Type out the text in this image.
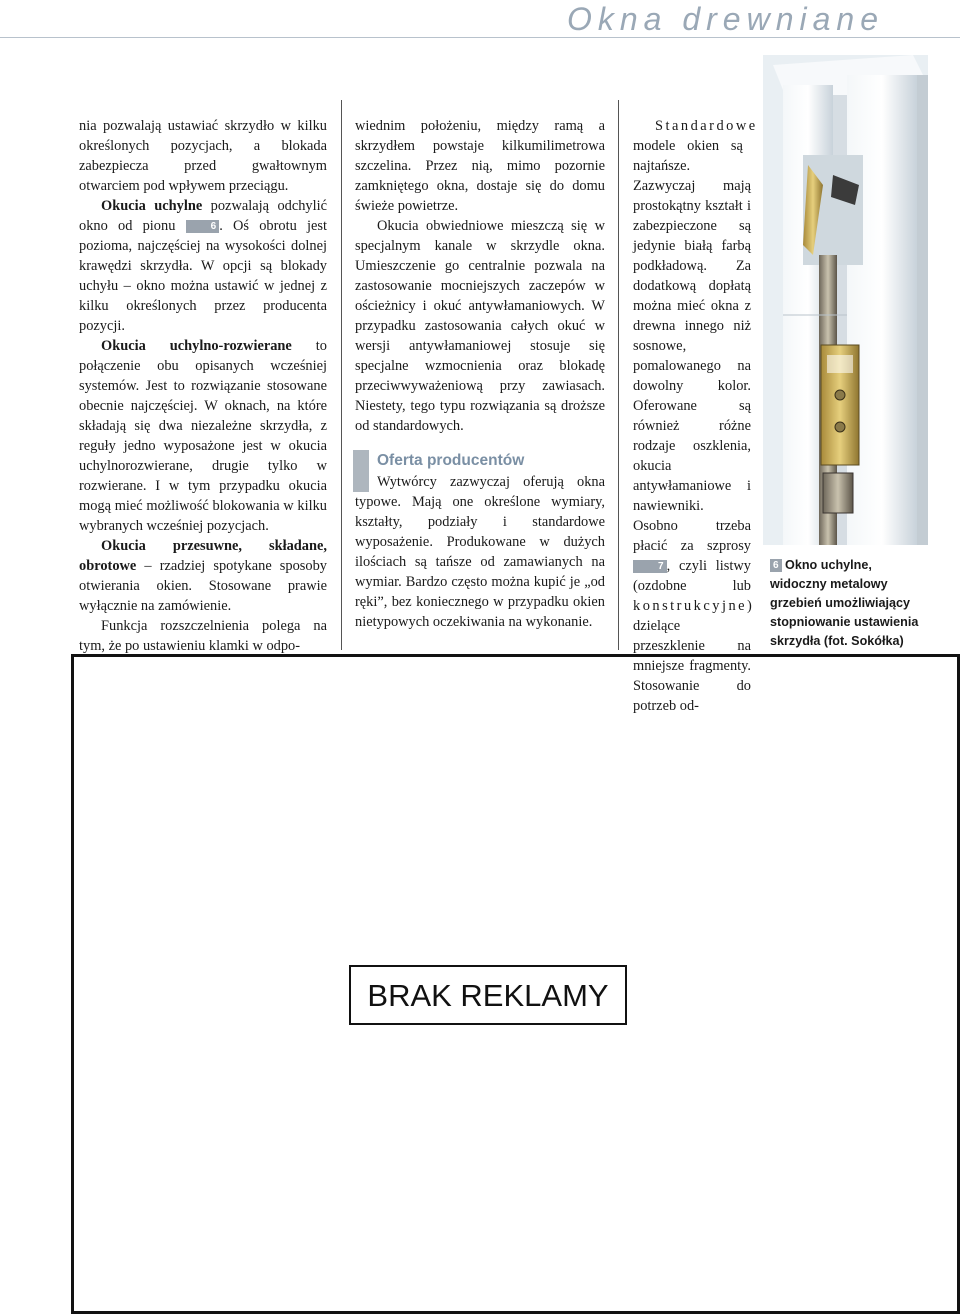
Okna drewniane

nia pozwalają ustawiać skrzydło w kilku określonych pozycjach, a blokada zabezpiecza przed gwałtownym otwarciem pod wpływem przeciągu.

Okucia uchylne pozwalają odchylić okno od pionu	6 . Oś obrotu jest pozioma, najczęściej na wysokości dolnej krawędzi skrzydła. W opcji są blokady uchyłu – okno można ustawić w jednej z kilku określonych przez producenta pozycji.

Okucia uchylno-rozwierane to połączenie obu opisanych wcześniej systemów. Jest to rozwiązanie stosowane obecnie najczęściej. W oknach, na które składają się dwa niezależne skrzydła, z reguły jedno wyposażone jest w okucia uchylnorozwierane, drugie tylko w rozwierane. I w tym przypadku okucia mogą mieć możliwość blokowania w kilku wybranych wcześniej pozycjach.

Okucia przesuwne, składane, obrotowe – rzadziej spotykane sposoby otwierania okien. Stosowane prawie wyłącznie na zamówienie.

Funkcja rozszczelnienia polega na tym, że po ustawieniu klamki w odpo-

wiednim położeniu, między ramą a skrzydłem powstaje kilkumilimetrowa szczelina. Przez nią, mimo pozornie zamkniętego okna, dostaje się do domu świeże powietrze.

Okucia obwiedniowe mieszczą się w specjalnym kanale w skrzydle okna. Umieszczenie go centralnie pozwala na zastosowanie mocniejszych zaczepów w ościeżnicy i okuć antywłamaniowych. W przypadku zastosowania całych okuć w wersji antywłamaniowej stosuje się specjalne wzmocnienia oraz blokadę przeciwwyważeniową przy zawiasach. Niestety, tego typu rozwiązania są droższe od standardowych.

Oferta producentów

Wytwórcy zazwyczaj oferują okna typowe. Mają one określone wymiary, kształty, podziały i standardowe wyposażenie. Produkowane w dużych ilościach są tańsze od zamawianych na wymiar. Bardzo często można kupić je „od ręki”, bez koniecznego w przypadku okien nietypowych oczekiwania na wykonanie.

Standardowe modele okien są najtańsze. Zazwyczaj mają prostokątny kształt i zabezpieczone są jedynie białą farbą podkładową. Za dodatkową dopłatą można mieć okna z drewna innego niż sosnowe, pomalowanego na dowolny kolor. Oferowane są również różne rodzaje oszklenia, okucia antywłamaniowe i nawiewniki. Osobno trzeba płacić za szprosy 7 , czyli listwy (ozdobne lub konstrukcyjne) dzielące przeszklenie na mniejsze fragmenty. Stosowanie do potrzeb od-

6 Okno uchylne, widoczny metalowy grzebień umożliwiający stopniowanie ustawienia skrzydła (fot. Sokółka)
BRAK REKLAMY
